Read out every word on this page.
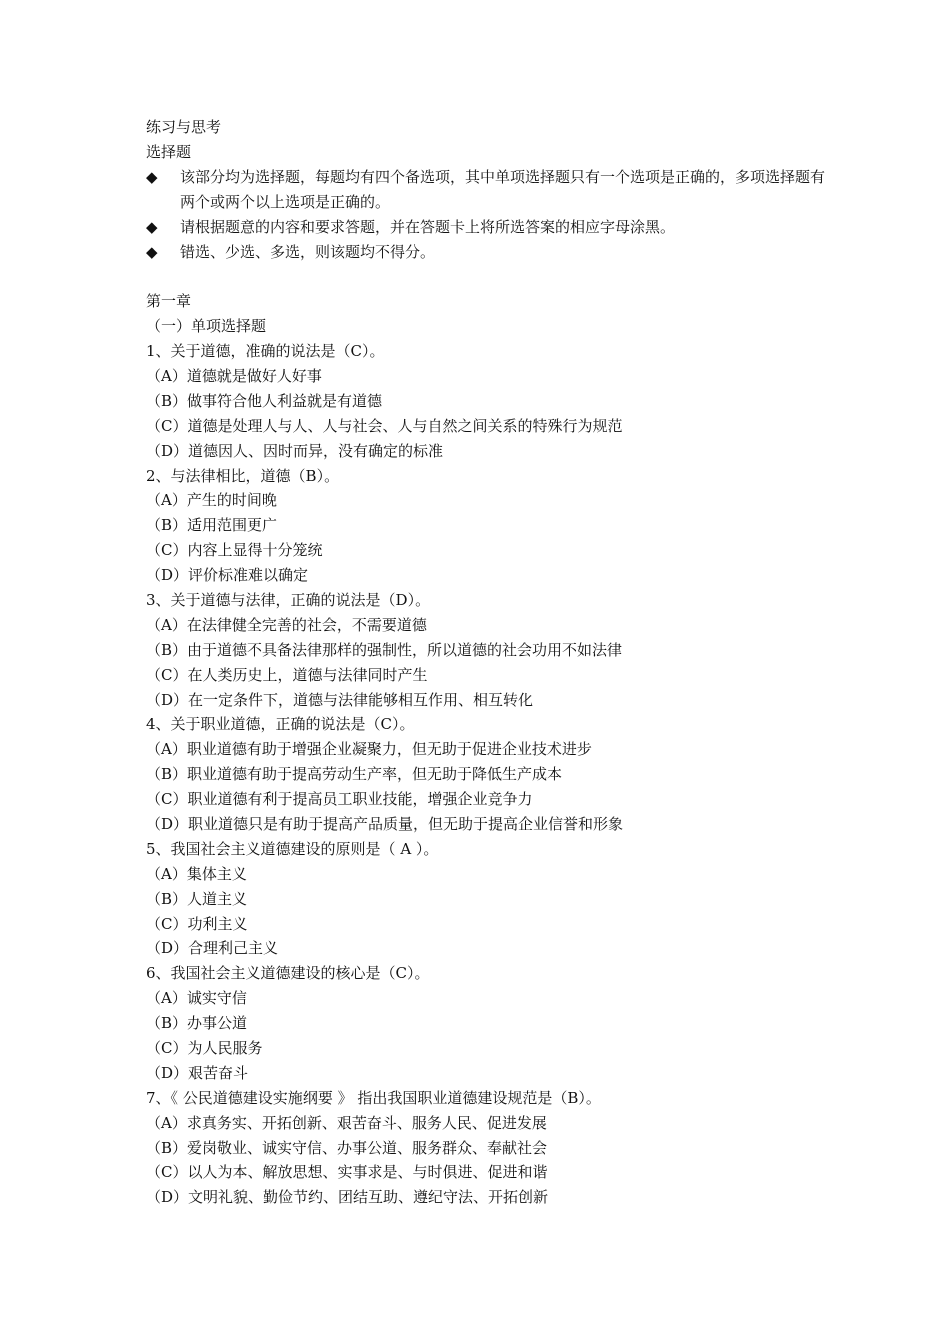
练习与思考
选择题
◆	该部分均为选择题，每题均有四个备选项，其中单项选择题只有一个选项是正确的，多项选择题有两个或两个以上选项是正确的。
◆	请根据题意的内容和要求答题，并在答题卡上将所选答案的相应字母涂黑。
◆	错选、少选、多选，则该题均不得分。
第一章
（一）单项选择题
1、关于道德，准确的说法是（C）。
（A）道德就是做好人好事
（B）做事符合他人利益就是有道德
（C）道德是处理人与人、人与社会、人与自然之间关系的特殊行为规范
（D）道德因人、因时而异，没有确定的标准
2、与法律相比，道德（B）。
（A）产生的时间晚
（B）适用范围更广
（C）内容上显得十分笼统
（D）评价标准难以确定
3、关于道德与法律，正确的说法是（D）。
（A）在法律健全完善的社会，不需要道德
（B）由于道德不具备法律那样的强制性，所以道德的社会功用不如法律
（C）在人类历史上，道德与法律同时产生
（D）在一定条件下，道德与法律能够相互作用、相互转化
4、关于职业道德，正确的说法是（C）。
（A）职业道德有助于增强企业凝聚力，但无助于促进企业技术进步
（B）职业道德有助于提高劳动生产率，但无助于降低生产成本
（C）职业道德有利于提高员工职业技能，增强企业竞争力
（D）职业道德只是有助于提高产品质量，但无助于提高企业信誉和形象
5、我国社会主义道德建设的原则是（ A ）。
（A）集体主义
（B）人道主义
（C）功利主义
（D）合理利己主义
6、我国社会主义道德建设的核心是（C）。
（A）诚实守信
（B）办事公道
（C）为人民服务
（D）艰苦奋斗
7、《 公民道德建设实施纲要 》 指出我国职业道德建设规范是（B）。
（A）求真务实、开拓创新、艰苦奋斗、服务人民、促进发展
（B）爱岗敬业、诚实守信、办事公道、服务群众、奉献社会
（C）以人为本、解放思想、实事求是、与时俱进、促进和谐
（D）文明礼貌、勤俭节约、团结互助、遵纪守法、开拓创新
